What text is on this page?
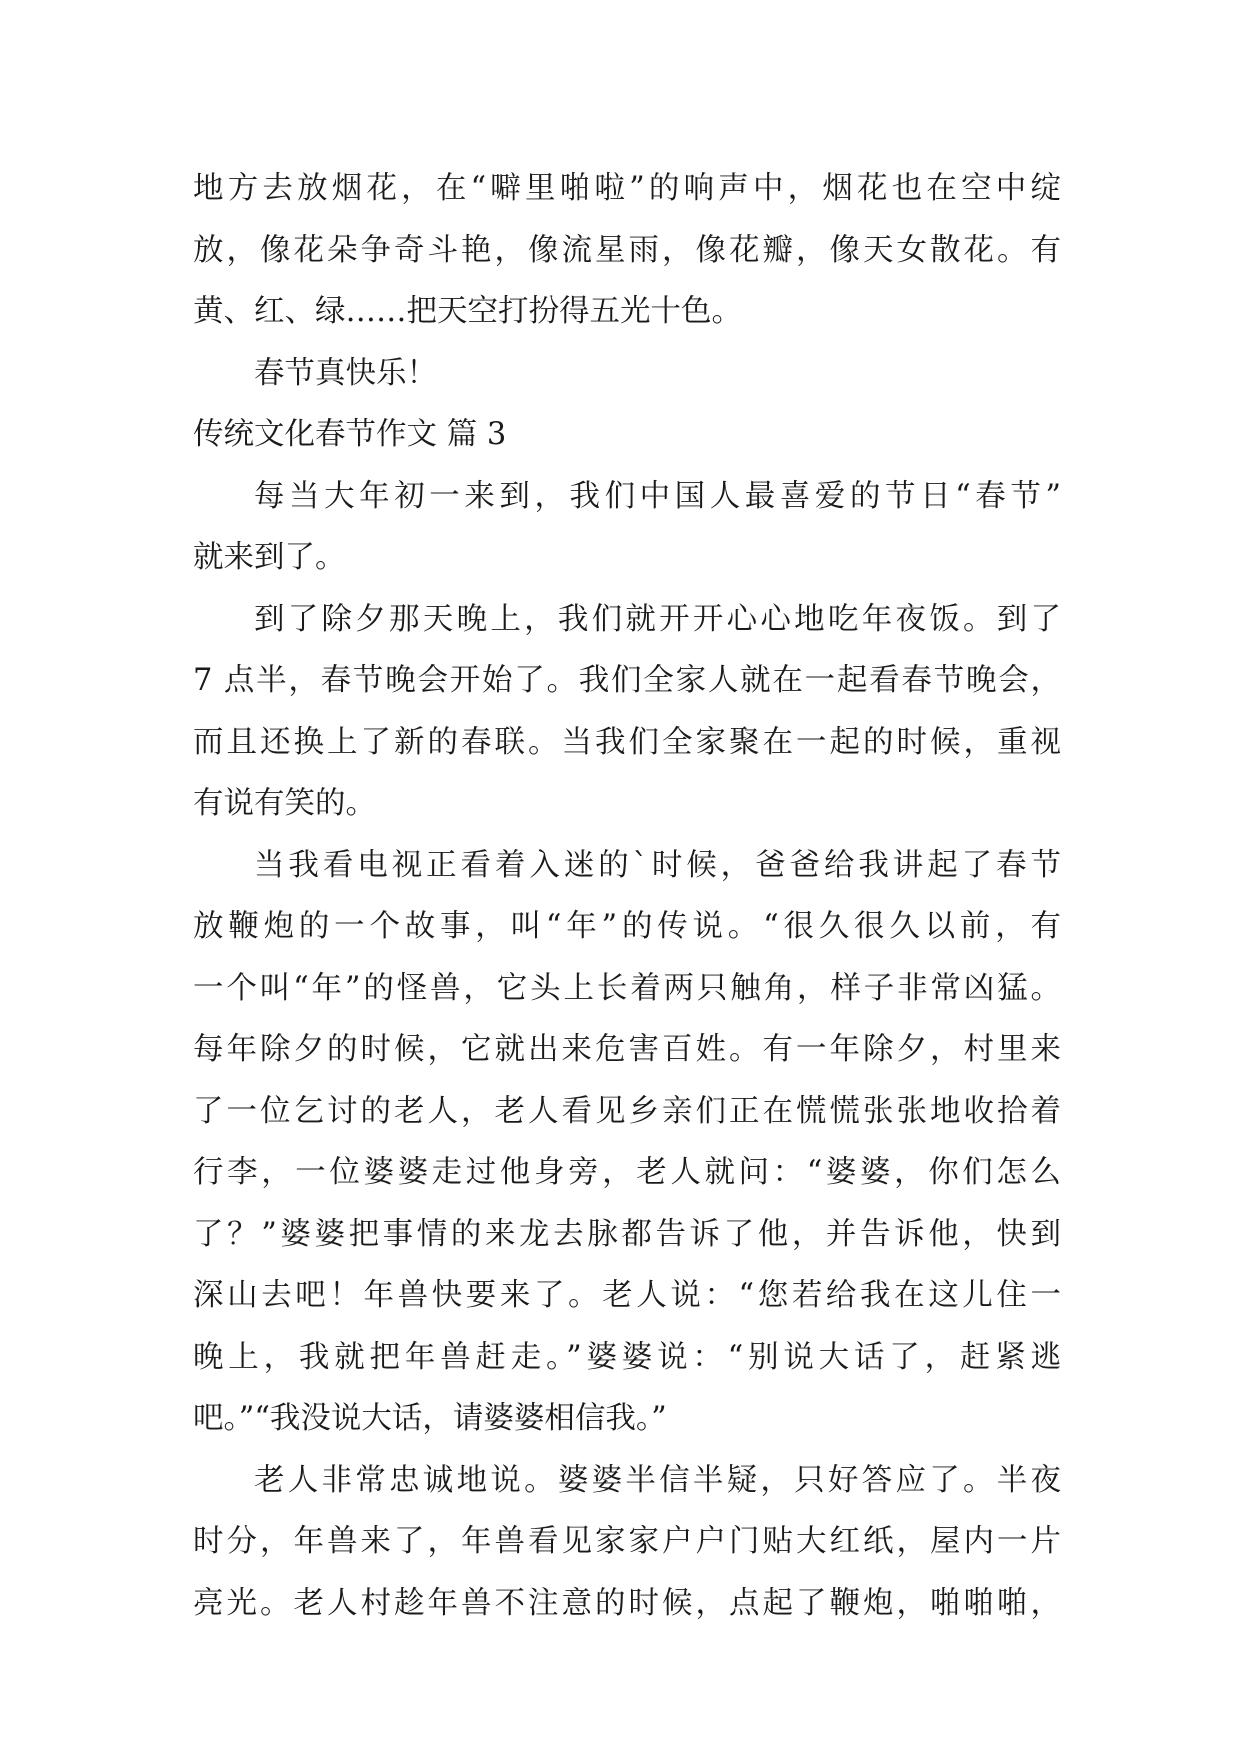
地方去放烟花，在“噼里啪啦”的响声中，烟花也在空中绽
放，像花朵争奇斗艳，像流星雨，像花瓣，像天女散花。有
黄、红、绿……把天空打扮得五光十色。
春节真快乐！
传统文化春节作文 篇 3
每当大年初一来到，我们中国人最喜爱的节日“春节”
就来到了。
到了除夕那天晚上，我们就开开心心地吃年夜饭。到了
7 点半，春节晚会开始了。我们全家人就在一起看春节晚会，
而且还换上了新的春联。当我们全家聚在一起的时候，重视
有说有笑的。
当我看电视正看着入迷的`时候，爸爸给我讲起了春节
放鞭炮的一个故事，叫“年”的传说。“很久很久以前，有
一个叫“年”的怪兽，它头上长着两只触角，样子非常凶猛。
每年除夕的时候，它就出来危害百姓。有一年除夕，村里来
了一位乞讨的老人，老人看见乡亲们正在慌慌张张地收拾着
行李，一位婆婆走过他身旁，老人就问：“婆婆，你们怎么
了？”婆婆把事情的来龙去脉都告诉了他，并告诉他，快到
深山去吧！年兽快要来了。老人说：“您若给我在这儿住一
晚上，我就把年兽赶走。”婆婆说：“别说大话了，赶紧逃
吧。”“我没说大话，请婆婆相信我。”
老人非常忠诚地说。婆婆半信半疑，只好答应了。半夜
时分，年兽来了，年兽看见家家户户门贴大红纸，屋内一片
亮光。老人村趁年兽不注意的时候，点起了鞭炮，啪啪啪，
